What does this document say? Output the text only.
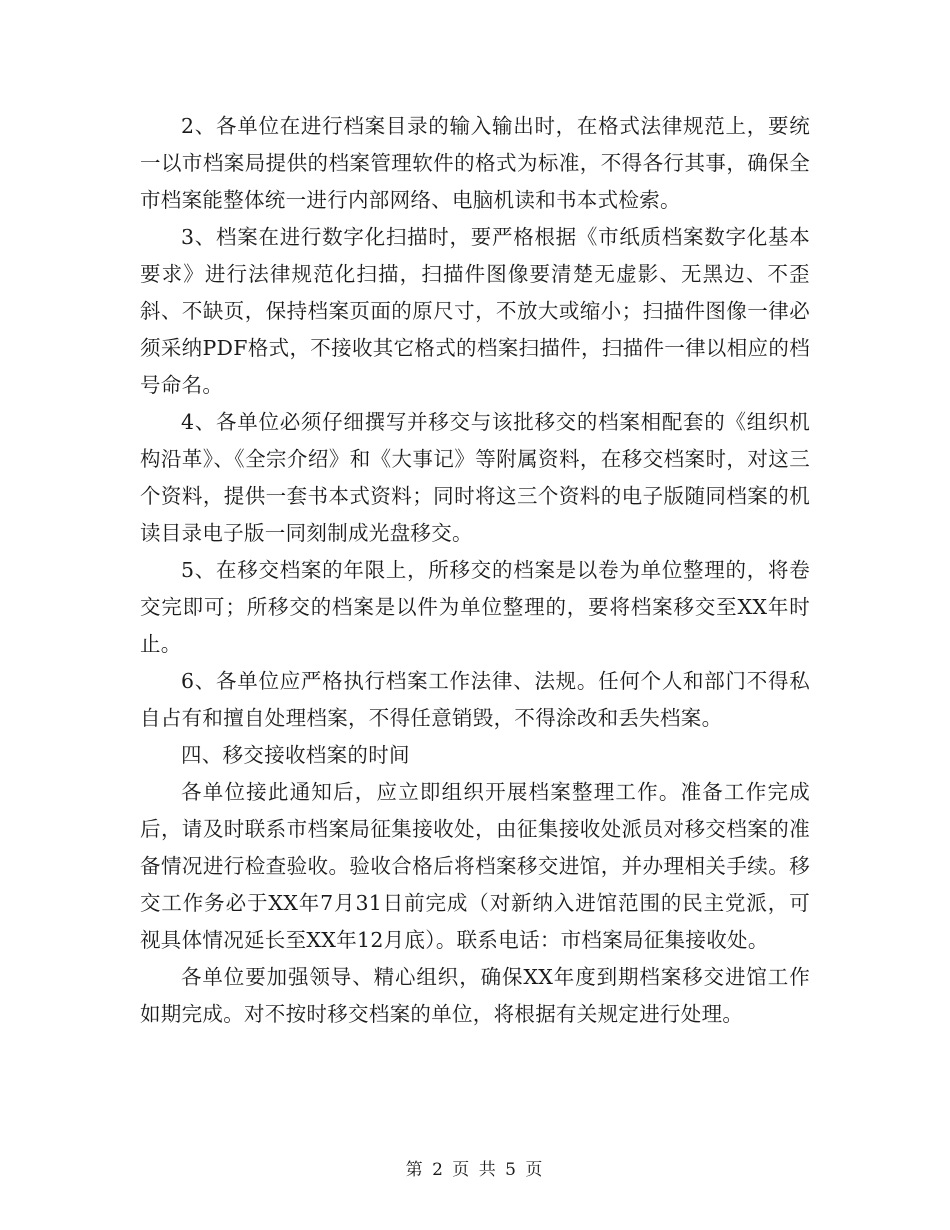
2、各单位在进行档案目录的输入输出时，在格式法律规范上，要统一以市档案局提供的档案管理软件的格式为标准，不得各行其事，确保全市档案能整体统一进行内部网络、电脑机读和书本式检索。

3、档案在进行数字化扫描时，要严格根据《市纸质档案数字化基本要求》进行法律规范化扫描，扫描件图像要清楚无虚影、无黑边、不歪斜、不缺页，保持档案页面的原尺寸，不放大或缩小；扫描件图像一律必须采纳PDF格式，不接收其它格式的档案扫描件，扫描件一律以相应的档号命名。

4、各单位必须仔细撰写并移交与该批移交的档案相配套的《组织机构沿革》、《全宗介绍》和《大事记》等附属资料，在移交档案时，对这三个资料，提供一套书本式资料；同时将这三个资料的电子版随同档案的机读目录电子版一同刻制成光盘移交。

5、在移交档案的年限上，所移交的档案是以卷为单位整理的，将卷交完即可；所移交的档案是以件为单位整理的，要将档案移交至XX年时止。

6、各单位应严格执行档案工作法律、法规。任何个人和部门不得私自占有和擅自处理档案，不得任意销毁，不得涂改和丢失档案。

四、移交接收档案的时间

各单位接此通知后，应立即组织开展档案整理工作。准备工作完成后，请及时联系市档案局征集接收处，由征集接收处派员对移交档案的准备情况进行检查验收。验收合格后将档案移交进馆，并办理相关手续。移交工作务必于XX年7月31日前完成（对新纳入进馆范围的民主党派，可视具体情况延长至XX年12月底）。联系电话：市档案局征集接收处。

各单位要加强领导、精心组织，确保XX年度到期档案移交进馆工作如期完成。对不按时移交档案的单位，将根据有关规定进行处理。

第 2 页 共 5 页
